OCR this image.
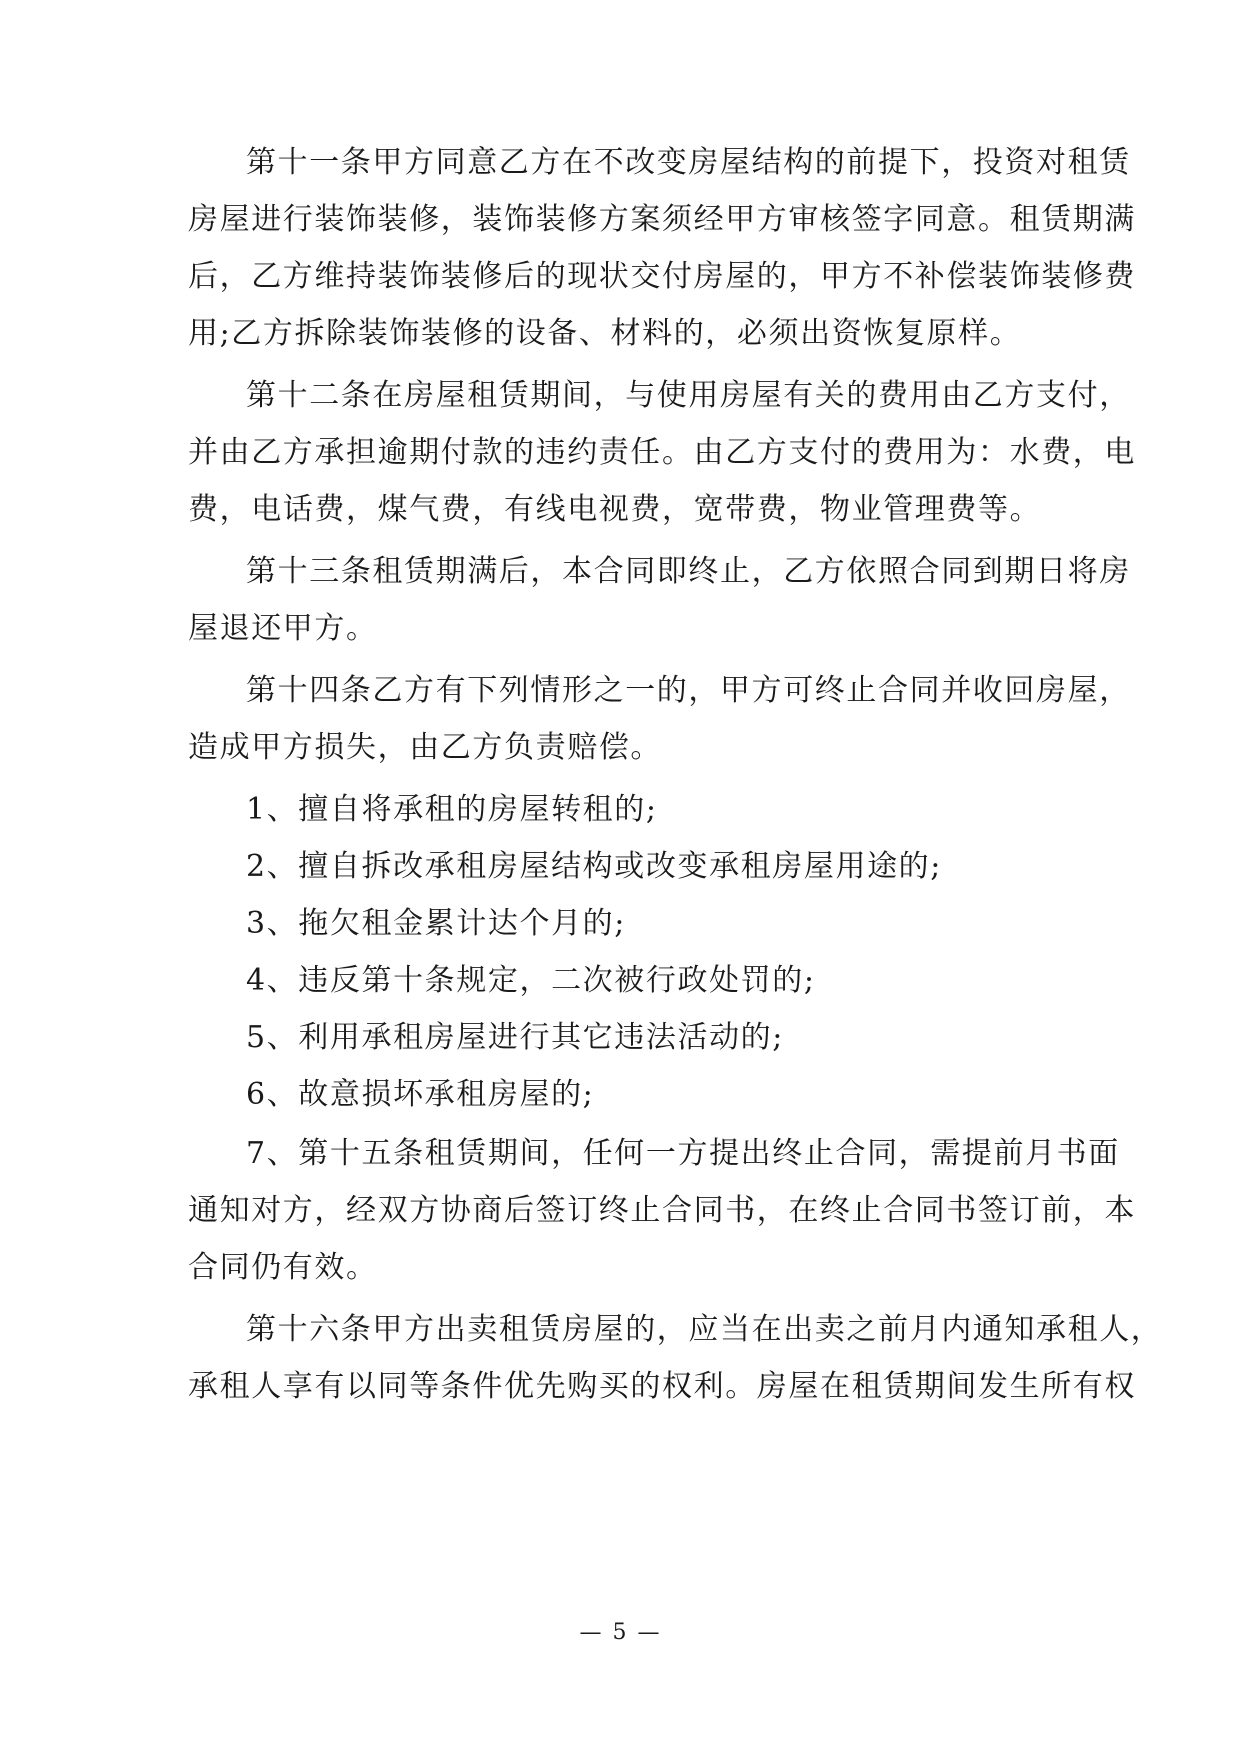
第十一条甲方同意乙方在不改变房屋结构的前提下，投资对租赁
房屋进行装饰装修，装饰装修方案须经甲方审核签字同意。租赁期满
后，乙方维持装饰装修后的现状交付房屋的，甲方不补偿装饰装修费
用;乙方拆除装饰装修的设备、材料的，必须出资恢复原样。
第十二条在房屋租赁期间，与使用房屋有关的费用由乙方支付，
并由乙方承担逾期付款的违约责任。由乙方支付的费用为：水费，电
费，电话费，煤气费，有线电视费，宽带费，物业管理费等。
第十三条租赁期满后，本合同即终止，乙方依照合同到期日将房
屋退还甲方。
第十四条乙方有下列情形之一的，甲方可终止合同并收回房屋，
造成甲方损失，由乙方负责赔偿。
1、擅自将承租的房屋转租的;
2、擅自拆改承租房屋结构或改变承租房屋用途的;
3、拖欠租金累计达个月的;
4、违反第十条规定，二次被行政处罚的;
5、利用承租房屋进行其它违法活动的;
6、故意损坏承租房屋的;
7、第十五条租赁期间，任何一方提出终止合同，需提前月书面
通知对方，经双方协商后签订终止合同书，在终止合同书签订前，本
合同仍有效。
第十六条甲方出卖租赁房屋的，应当在出卖之前月内通知承租人，
承租人享有以同等条件优先购买的权利。房屋在租赁期间发生所有权
— 5 —
